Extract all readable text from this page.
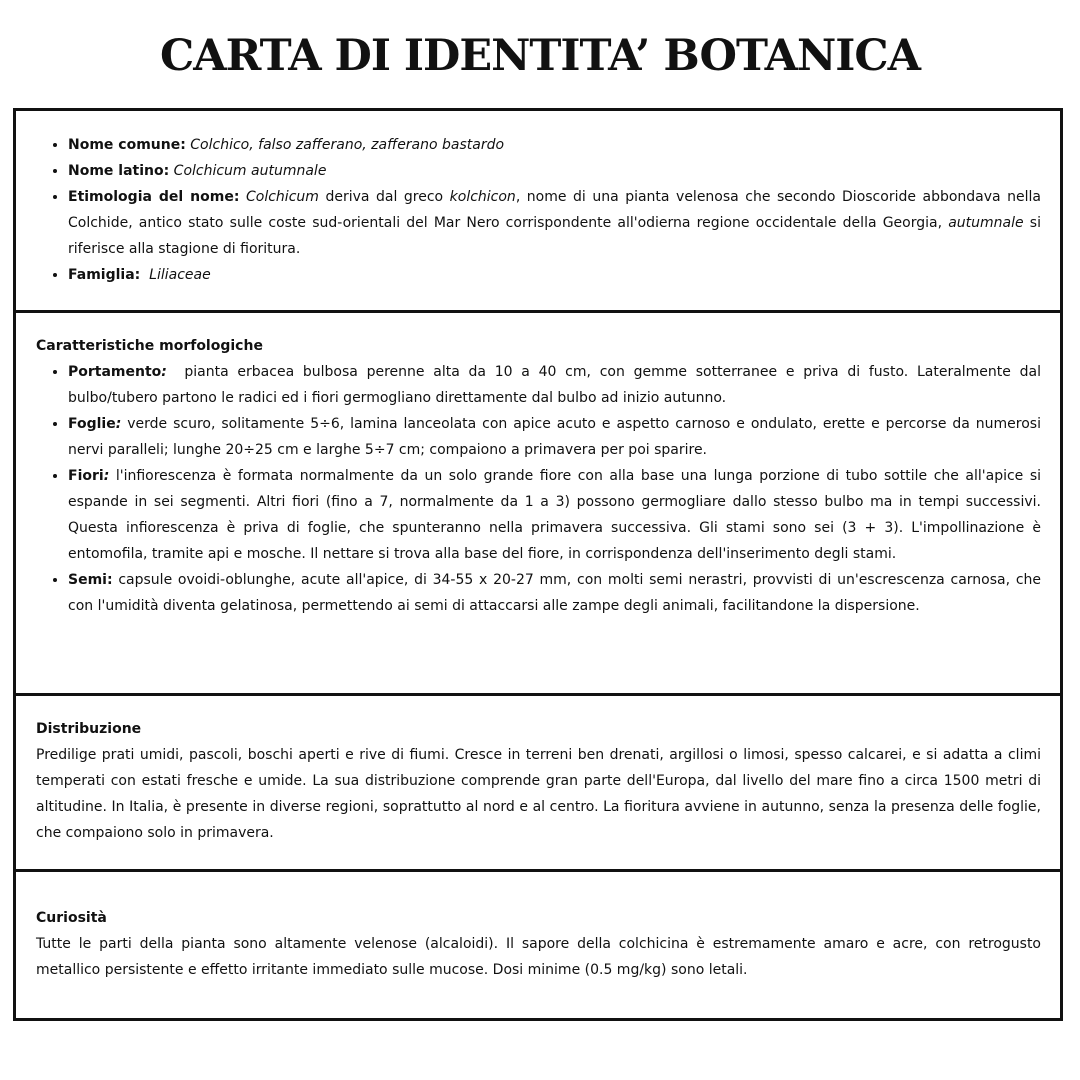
CARTA DI IDENTITA’ BOTANICA
• Nome comune: Colchico, falso zafferano, zafferano bastardo
• Nome latino: Colchicum autumnale
• Etimologia del nome: Colchicum deriva dal greco kolchicon, nome di una pianta velenosa che secondo Dioscoride abbondava nella Colchide, antico stato sulle coste sud-orientali del Mar Nero corrispondente all'odierna regione occidentale della Georgia, autumnale si riferisce alla stagione di fioritura.
• Famiglia: Liliaceae
Caratteristiche morfologiche
• Portamento: pianta erbacea bulbosa perenne alta da 10 a 40 cm, con gemme sotterranee e priva di fusto. Lateralmente dal bulbo/tubero partono le radici ed i fiori germogliano direttamente dal bulbo ad inizio autunno.
• Foglie: verde scuro, solitamente 5÷6, lamina lanceolata con apice acuto e aspetto carnoso e ondulato, erette e percorse da numerosi nervi paralleli; lunghe 20÷25 cm e larghe 5÷7 cm; compaiono a primavera per poi sparire.
• Fiori: l'infiorescenza è formata normalmente da un solo grande fiore con alla base una lunga porzione di tubo sottile che all'apice si espande in sei segmenti. Altri fiori (fino a 7, normalmente da 1 a 3) possono germogliare dallo stesso bulbo ma in tempi successivi. Questa infiorescenza è priva di foglie, che spunteranno nella primavera successiva. Gli stami sono sei (3 + 3). L'impollinazione è entomofila, tramite api e mosche. Il nettare si trova alla base del fiore, in corrispondenza dell'inserimento degli stami.
• Semi: capsule ovoidi-oblunghe, acute all'apice, di 34-55 x 20-27 mm, con molti semi nerastri, provvisti di un'escrescenza carnosa, che con l'umidità diventa gelatinosa, permettendo ai semi di attaccarsi alle zampe degli animali, facilitandone la dispersione.
Distribuzione

Predilige prati umidi, pascoli, boschi aperti e rive di fiumi. Cresce in terreni ben drenati, argillosi o limosi, spesso calcarei, e si adatta a climi temperati con estati fresche e umide. La sua distribuzione comprende gran parte dell'Europa, dal livello del mare fino a circa 1500 metri di altitudine. In Italia, è presente in diverse regioni, soprattutto al nord e al centro. La fioritura avviene in autunno, senza la presenza delle foglie, che compaiono solo in primavera.

Curiosità

Tutte le parti della pianta sono altamente velenose (alcaloidi). Il sapore della colchicina è estremamente amaro e acre, con retrogusto metallico persistente e effetto irritante immediato sulle mucose. Dosi minime (0.5 mg/kg) sono letali.
